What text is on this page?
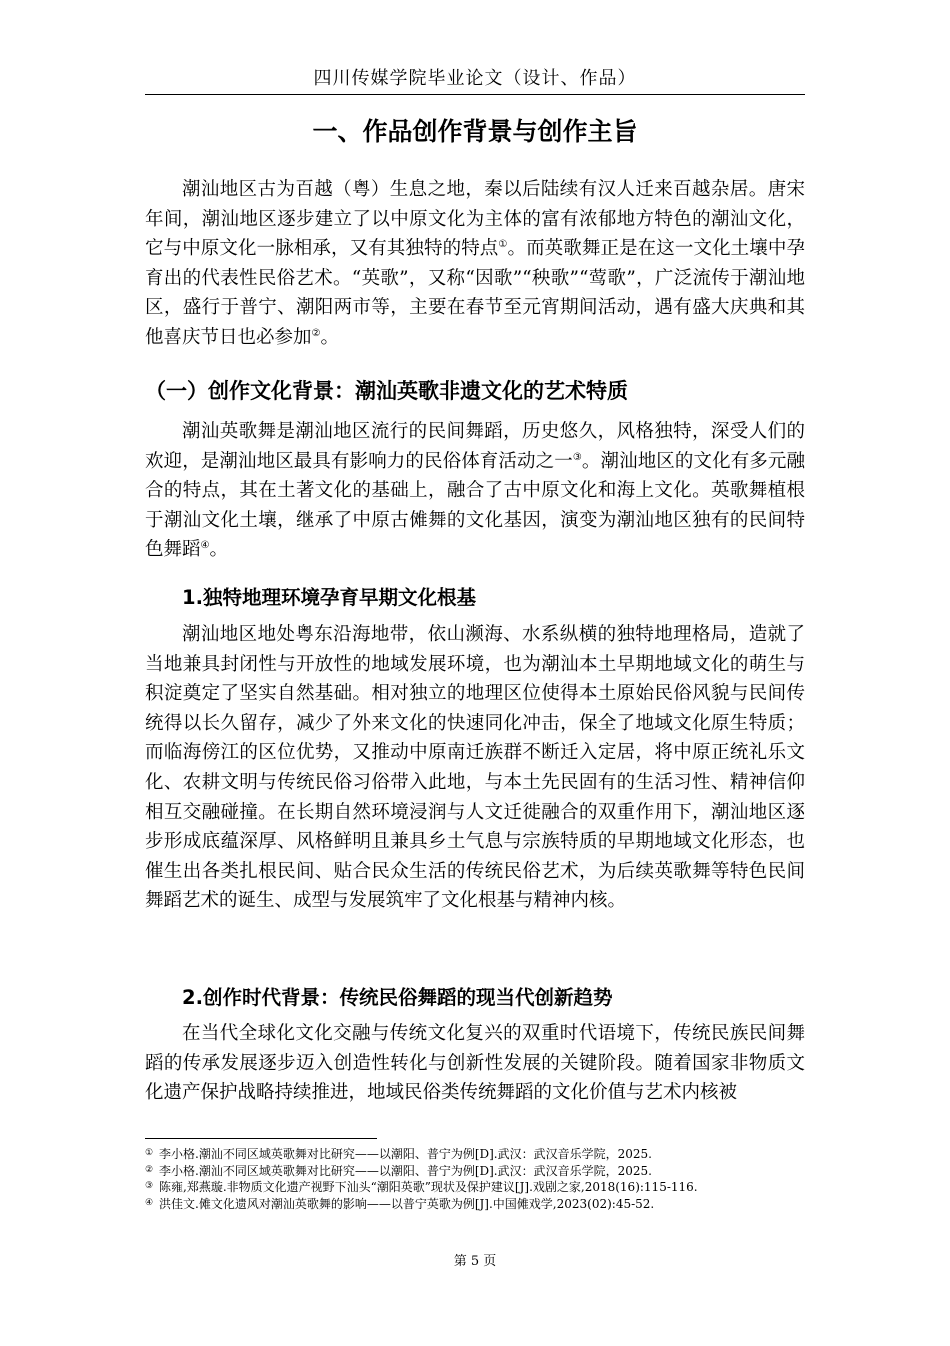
四川传媒学院毕业论文（设计、作品）
一、作品创作背景与创作主旨

潮汕地区古为百越（粤）生息之地，秦以后陆续有汉人迁来百越杂居。唐宋年间，潮汕地区逐步建立了以中原文化为主体的富有浓郁地方特色的潮汕文化，它与中原文化一脉相承，又有其独特的特点①。而英歌舞正是在这一文化土壤中孕育出的代表性民俗艺术。“英歌”，又称“因歌”“秧歌”“莺歌”，广泛流传于潮汕地区，盛行于普宁、潮阳两市等，主要在春节至元宵期间活动，遇有盛大庆典和其他喜庆节日也必参加②。

（一）创作文化背景：潮汕英歌非遗文化的艺术特质

潮汕英歌舞是潮汕地区流行的民间舞蹈，历史悠久，风格独特，深受人们的欢迎，是潮汕地区最具有影响力的民俗体育活动之一③。潮汕地区的文化有多元融合的特点，其在土著文化的基础上，融合了古中原文化和海上文化。英歌舞植根于潮汕文化土壤，继承了中原古傩舞的文化基因，演变为潮汕地区独有的民间特色舞蹈④。

1.独特地理环境孕育早期文化根基

潮汕地区地处粤东沿海地带，依山濒海、水系纵横的独特地理格局，造就了当地兼具封闭性与开放性的地域发展环境，也为潮汕本土早期地域文化的萌生与积淀奠定了坚实自然基础。相对独立的地理区位使得本土原始民俗风貌与民间传统得以长久留存，减少了外来文化的快速同化冲击，保全了地域文化原生特质；而临海傍江的区位优势，又推动中原南迁族群不断迁入定居，将中原正统礼乐文化、农耕文明与传统民俗习俗带入此地，与本土先民固有的生活习性、精神信仰相互交融碰撞。在长期自然环境浸润与人文迁徙融合的双重作用下，潮汕地区逐步形成底蕴深厚、风格鲜明且兼具乡土气息与宗族特质的早期地域文化形态，也催生出各类扎根民间、贴合民众生活的传统民俗艺术，为后续英歌舞等特色民间舞蹈艺术的诞生、成型与发展筑牢了文化根基与精神内核。

2.创作时代背景：传统民俗舞蹈的现当代创新趋势

在当代全球化文化交融与传统文化复兴的双重时代语境下，传统民族民间舞蹈的传承发展逐步迈入创造性转化与创新性发展的关键阶段。随着国家非物质文化遗产保护战略持续推进，地域民俗类传统舞蹈的文化价值与艺术内核被

① 李小格.潮汕不同区域英歌舞对比研究——以潮阳、普宁为例[D].武汉：武汉音乐学院，2025.
② 李小格.潮汕不同区域英歌舞对比研究——以潮阳、普宁为例[D].武汉：武汉音乐学院，2025.
③ 陈雍,郑燕璇.非物质文化遗产视野下汕头“潮阳英歌”现状及保护建议[J].戏剧之家,2018(16):115-116.
④ 洪佳文.傩文化遗风对潮汕英歌舞的影响——以普宁英歌为例[J].中国傩戏学,2023(02):45-52.
第 5 页
